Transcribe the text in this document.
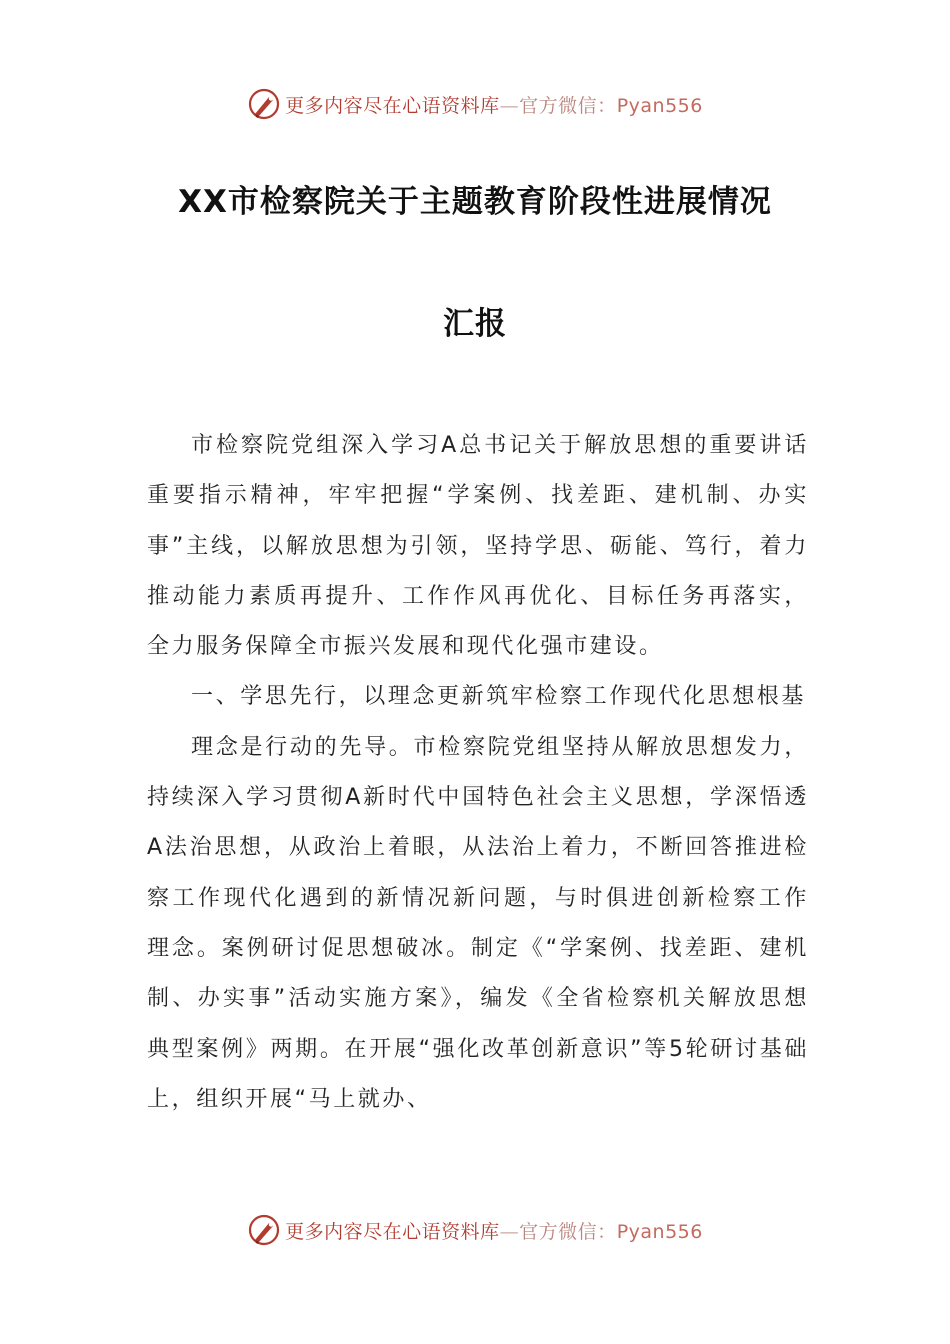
更多内容尽在心语资料库—官方微信：Pyan556
XX市检察院关于主题教育阶段性进展情况
汇报

市检察院党组深入学习A总书记关于解放思想的重要讲话重要指示精神，牢牢把握“学案例、找差距、建机制、办实事”主线，以解放思想为引领，坚持学思、砺能、笃行，着力推动能力素质再提升、工作作风再优化、目标任务再落实，全力服务保障全市振兴发展和现代化强市建设。

一、学思先行，以理念更新筑牢检察工作现代化思想根基

理念是行动的先导。市检察院党组坚持从解放思想发力，持续深入学习贯彻A新时代中国特色社会主义思想，学深悟透A法治思想，从政治上着眼，从法治上着力，不断回答推进检察工作现代化遇到的新情况新问题，与时俱进创新检察工作理念。案例研讨促思想破冰。制定《“学案例、找差距、建机制、办实事”活动实施方案》，编发《全省检察机关解放思想典型案例》两期。在开展“强化改革创新意识”等5轮研讨基础上，组织开展“马上就办、

更多内容尽在心语资料库—官方微信：Pyan556
